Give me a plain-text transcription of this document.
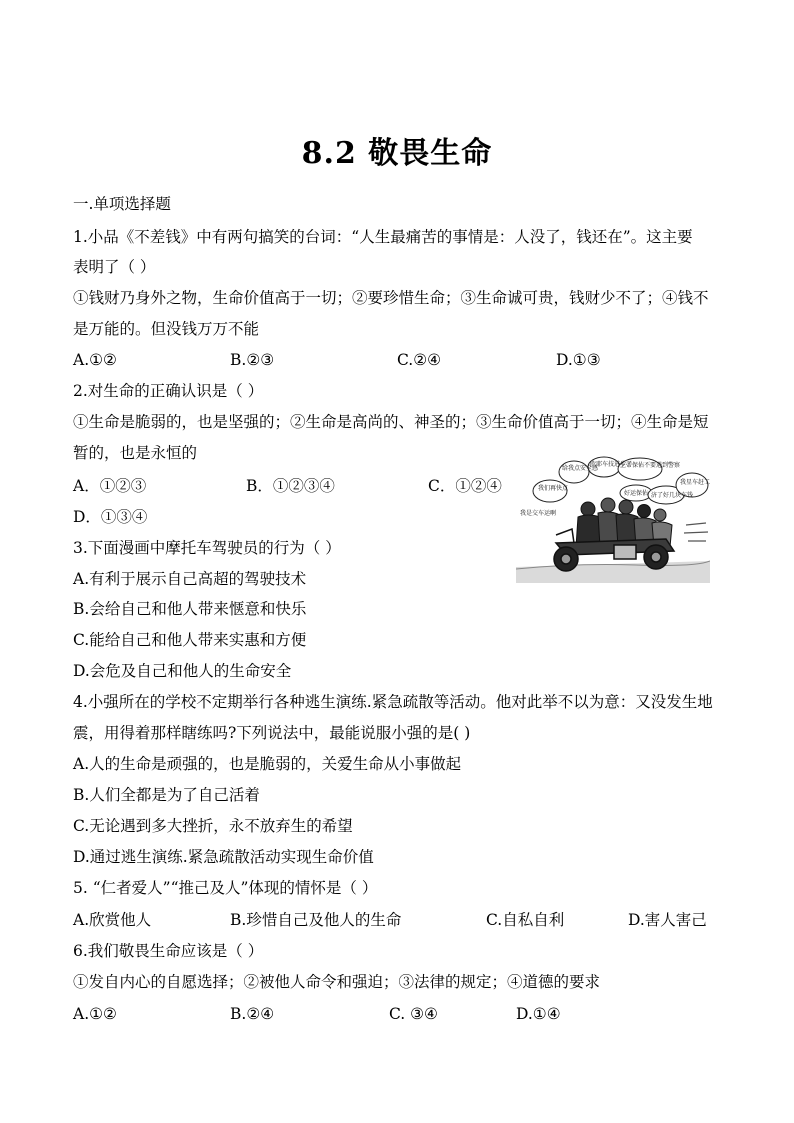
8.2 敬畏生命
一.单项选择题
1.小品《不差钱》中有两句搞笑的台词：“人生最痛苦的事情是：人没了，钱还在”。这主要
表明了（ ）
①钱财乃身外之物，生命价值高于一切；②要珍惜生命；③生命诚可贵，钱财少不了；④钱不
是万能的。但没钱万万不能
A.①②	B.②③	C.②④	D.①③
2.对生命的正确认识是（ ）
①生命是脆弱的，也是坚强的；②生命是高尚的、神圣的；③生命价值高于一切；④生命是短
暂的，也是永恒的
A．①②③	B．①②③④	C．①②④
D．①③④
我们再快点
给我点安全感
欧耶车技进步了
上帝保佑不要遇到警察
好运保佑 济了好几块车钱
我星车赶工
我是交车运啊
3.下面漫画中摩托车驾驶员的行为（ ）
A.有利于展示自己高超的驾驶技术
B.会给自己和他人带来惬意和快乐
C.能给自己和他人带来实惠和方便
D.会危及自己和他人的生命安全
4.小强所在的学校不定期举行各种逃生演练.紧急疏散等活动。他对此举不以为意：又没发生地
震，用得着那样瞎练吗?下列说法中，最能说服小强的是( )
A.人的生命是顽强的，也是脆弱的，关爱生命从小事做起
B.人们全都是为了自己活着
C.无论遇到多大挫折，永不放弃生的希望
D.通过逃生演练.紧急疏散活动实现生命价值
5. “仁者爱人”“推己及人”体现的情怀是（ ）
A.欣赏他人	B.珍惜自己及他人的生命	C.自私自利	D.害人害己
6.我们敬畏生命应该是（ ）
①发自内心的自愿选择；②被他人命令和强迫；③法律的规定；④道德的要求
A.①②	B.②④	C. ③④	D.①④
